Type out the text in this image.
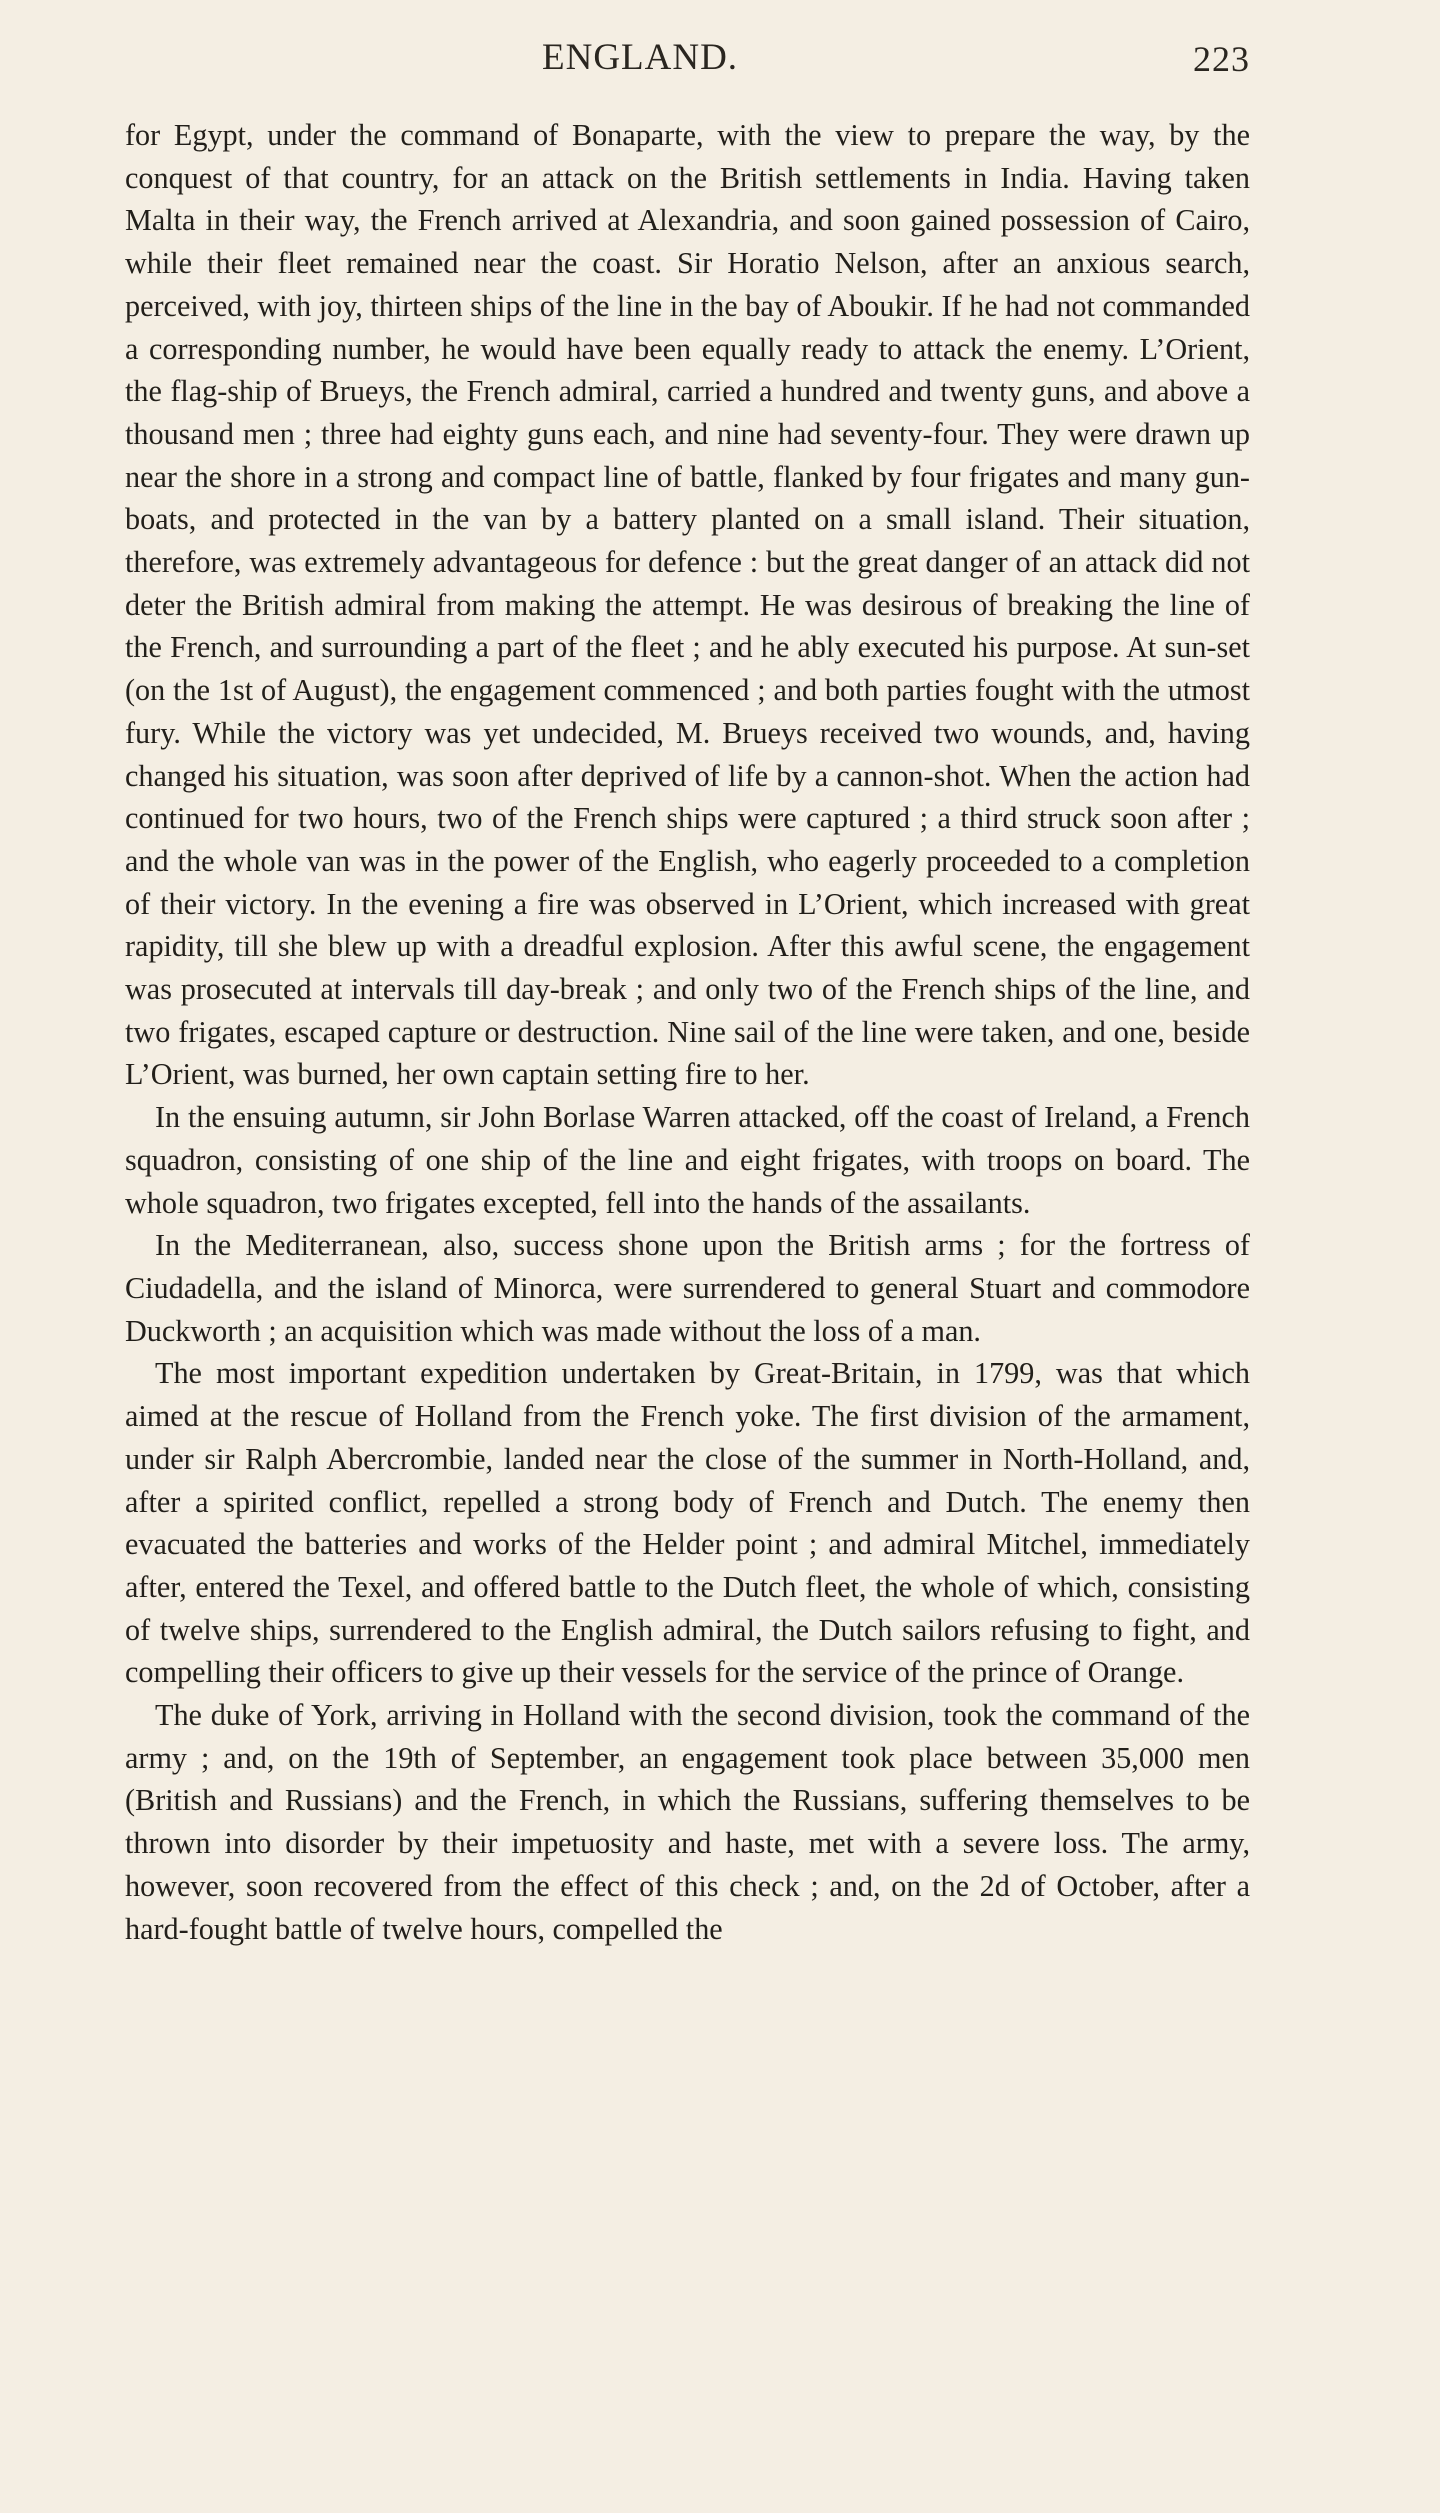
ENGLAND.	223

for Egypt, under the command of Bonaparte, with the view to prepare the way, by the conquest of that country, for an attack on the British settlements in India. Having taken Malta in their way, the French arrived at Alexandria, and soon gained possession of Cairo, while their fleet remained near the coast. Sir Horatio Nelson, after an anxious search, perceived, with joy, thirteen ships of the line in the bay of Aboukir. If he had not commanded a corresponding number, he would have been equally ready to attack the enemy. L’Orient, the flag-ship of Brueys, the French admiral, carried a hundred and twenty guns, and above a thousand men ; three had eighty guns each, and nine had seventy-four. They were drawn up near the shore in a strong and compact line of battle, flanked by four frigates and many gun-boats, and protected in the van by a battery planted on a small island. Their situation, therefore, was extremely advantageous for defence : but the great danger of an attack did not deter the British admiral from making the attempt. He was desirous of breaking the line of the French, and surrounding a part of the fleet ; and he ably executed his purpose. At sun-set (on the 1st of August), the engagement commenced ; and both parties fought with the utmost fury. While the victory was yet undecided, M. Brueys received two wounds, and, having changed his situation, was soon after deprived of life by a cannon-shot. When the action had continued for two hours, two of the French ships were captured ; a third struck soon after ; and the whole van was in the power of the English, who eagerly proceeded to a completion of their victory. In the evening a fire was observed in L’Orient, which increased with great rapidity, till she blew up with a dreadful explosion. After this awful scene, the engagement was prosecuted at intervals till day-break ; and only two of the French ships of the line, and two frigates, escaped capture or destruction. Nine sail of the line were taken, and one, beside L’Orient, was burned, her own captain setting fire to her.

In the ensuing autumn, sir John Borlase Warren attacked, off the coast of Ireland, a French squadron, consisting of one ship of the line and eight frigates, with troops on board. The whole squadron, two frigates excepted, fell into the hands of the assailants.

In the Mediterranean, also, success shone upon the British arms ; for the fortress of Ciudadella, and the island of Minorca, were surrendered to general Stuart and commodore Duckworth ; an acquisition which was made without the loss of a man.

The most important expedition undertaken by Great-Britain, in 1799, was that which aimed at the rescue of Holland from the French yoke. The first division of the armament, under sir Ralph Abercrombie, landed near the close of the summer in North-Holland, and, after a spirited conflict, repelled a strong body of French and Dutch. The enemy then evacuated the batteries and works of the Helder point ; and admiral Mitchel, immediately after, entered the Texel, and offered battle to the Dutch fleet, the whole of which, consisting of twelve ships, surrendered to the English admiral, the Dutch sailors refusing to fight, and compelling their officers to give up their vessels for the service of the prince of Orange.

The duke of York, arriving in Holland with the second division, took the command of the army ; and, on the 19th of September, an engagement took place between 35,000 men (British and Russians) and the French, in which the Russians, suffering themselves to be thrown into disorder by their impetuosity and haste, met with a severe loss. The army, however, soon recovered from the effect of this check ; and, on the 2d of October, after a hard-fought battle of twelve hours, compelled the
